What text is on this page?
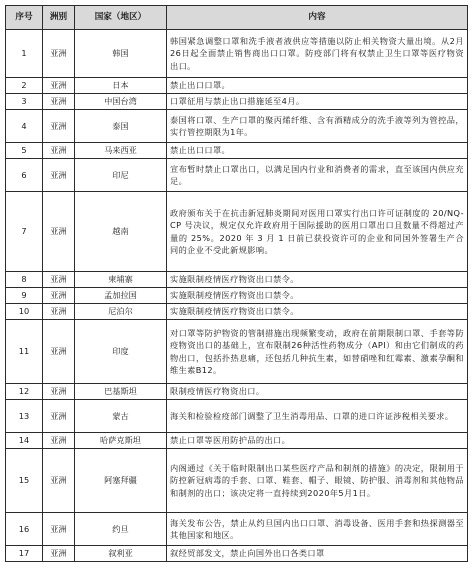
序号	洲别	国家（地区）	内容
1	亚洲	韩国	韩国紧急调整口罩和洗手液者液供应等措施以防止相关物资大量出境。从2月26日起全面禁止销售商出口口罩。防疫部门将有权禁止卫生口罩等医疗物资出口。
2	亚洲	日本	禁止出口口罩。
3	亚洲	中国台湾	口罩征用与禁止出口措施延至4月。
4	亚洲	泰国	泰国将口罩、生产口罩的聚丙烯纤维、含有酒精成分的洗手液等列为管控品，实行管控期限为1年。
5	亚洲	马来西亚	禁止出口口罩。
6	亚洲	印尼	宣布暂时禁止口罩出口，以满足国内行业和消费者的需求，直至该国内供应充足。
7	亚洲	越南	政府颁布关于在抗击新冠肺炎期间对医用口罩实行出口许可证制度的 20/NQ-CP 号决议，规定仅允许政府用于国际援助的医用口罩出口且数量不得超过产量的 25%。2020 年 3 月 1 日前已获投资许可的企业和同国外签署生产合同的企业不受此新规影响。
8	亚洲	柬埔寨	实施限制疫情医疗物资出口禁令。
9	亚洲	孟加拉国	实施限制疫情医疗物资出口禁令。
10	亚洲	尼泊尔	实施限制疫情医疗物资出口禁令。
11	亚洲	印度	对口罩等防护物资的管制措施出现频繁变动，政府在前期限制口罩、手套等防疫物资出口的基础上，宣布限制26种活性药物成分（API）和由它们制成的药物出口，包括扑热息痛，还包括几种抗生素，如替硝唑和红霉素、激素孕酮和维生素B12。
12	亚洲	巴基斯坦	限制疫情医疗物资出口。
13	亚洲	蒙古	海关和检验检疫部门调整了卫生消毒用品、口罩的进口许证涉税相关要求。
14	亚洲	哈萨克斯坦	禁止口罩等医用防护品的出口。
15	亚洲	阿塞拜疆	内阁通过《关于临时限制出口某些医疗产品和制剂的措施》的决定，限制用于防控新冠病毒的手套、口罩、鞋套、帽子、眼镜、防护服、消毒剂和其他物品和制剂的出口；该决定将一直持续到2020年5月1日。
16	亚洲	约旦	海关发布公告，禁止从约旦国内出口口罩、消毒设备、医用手套和热探测器至其他国家和地区。
17	亚洲	叙利亚	叙经贸部发文，禁止向国外出口各类口罩
